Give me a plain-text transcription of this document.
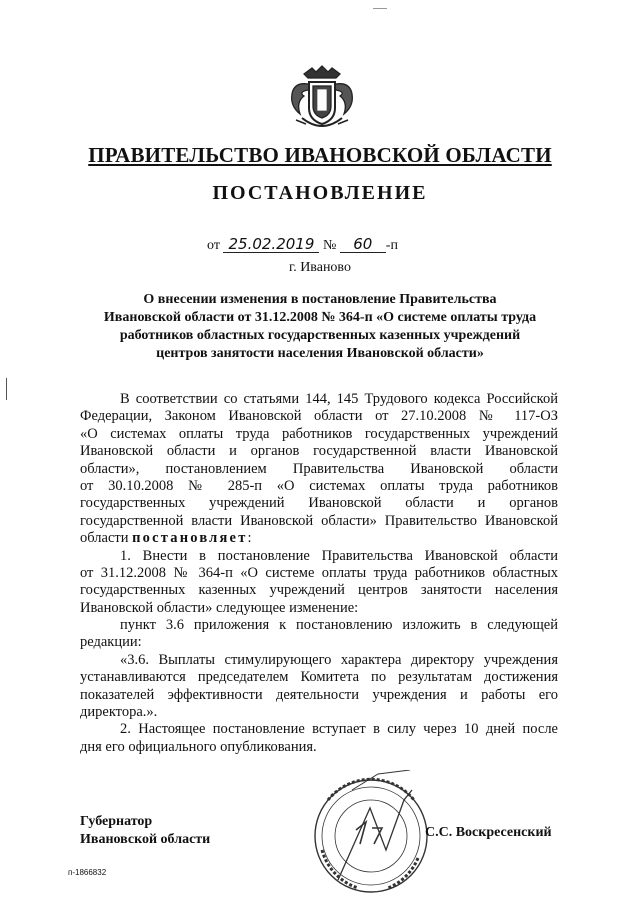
ПРАВИТЕЛЬСТВО ИВАНОВСКОЙ ОБЛАСТИ
ПОСТАНОВЛЕНИЕ
от 25.02.2019 № 60 -п
г. Иваново
О внесении изменения в постановление Правительства
Ивановской области от 31.12.2008 № 364-п «О системе оплаты труда
работников областных государственных казенных учреждений
центров занятости населения Ивановской области»
В соответствии со статьями 144, 145 Трудового кодекса Российской
Федерации, Законом Ивановской области от 27.10.2008 № 117-ОЗ
«О системах оплаты труда работников государственных учреждений
Ивановской области и органов государственной власти Ивановской
области», постановлением Правительства Ивановской области
от 30.10.2008 № 285-п «О системах оплаты труда работников
государственных учреждений Ивановской области и органов
государственной власти Ивановской области» Правительство Ивановской
области постановляет:
1. Внести в постановление Правительства Ивановской области
от 31.12.2008 № 364-п «О системе оплаты труда работников областных
государственных казенных учреждений центров занятости населения
Ивановской области» следующее изменение:
пункт 3.6 приложения к постановлению изложить в следующей
редакции:
«3.6. Выплаты стимулирующего характера директору учреждения
устанавливаются председателем Комитета по результатам достижения
показателей эффективности деятельности учреждения и работы его
директора.».
2. Настоящее постановление вступает в силу через 10 дней после
дня его официального опубликования.
Губернатор
Ивановской области	С.С. Воскресенский
п-1866832
